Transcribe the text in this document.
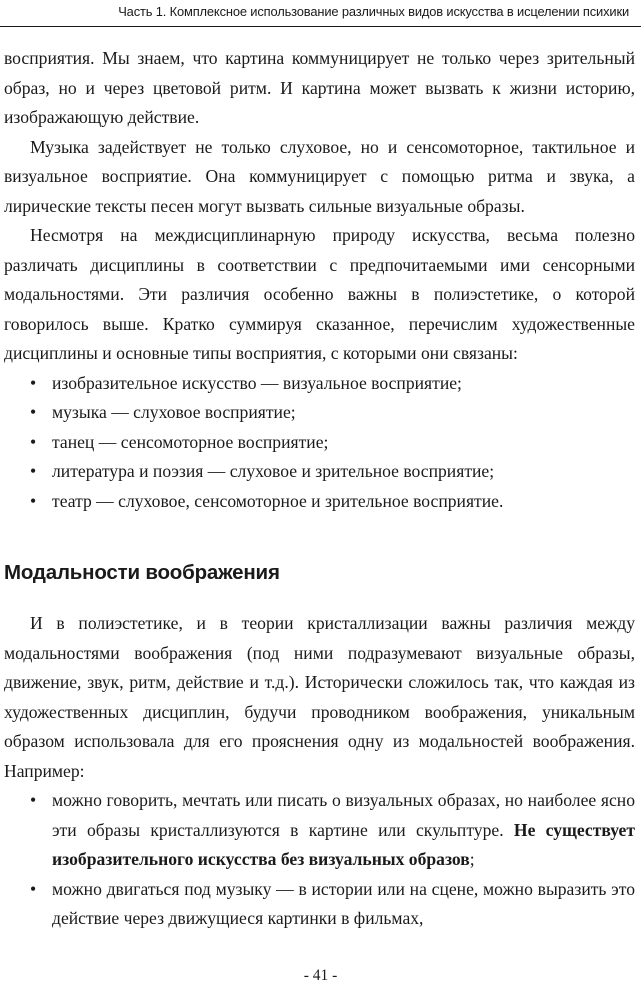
Часть 1. Комплексное использование различных видов искусства в исцелении психики

восприятия. Мы знаем, что картина коммуницирует не только через зрительный образ, но и через цветовой ритм. И картина может вызвать к жизни историю, изображающую действие.

Музыка задействует не только слуховое, но и сенсомоторное, тактильное и визуальное восприятие. Она коммуницирует с помощью ритма и звука, а лирические тексты песен могут вызвать сильные визуальные образы.

Несмотря на междисциплинарную природу искусства, весьма полезно различать дисциплины в соответствии с предпочитаемыми ими сенсорными модальностями. Эти различия особенно важны в полиэстетике, о которой говорилось выше. Кратко суммируя сказанное, перечислим художественные дисциплины и основные типы восприятия, с которыми они связаны:

• изобразительное искусство — визуальное восприятие;
• музыка — слуховое восприятие;
• танец — сенсомоторное восприятие;
• литература и поэзия — слуховое и зрительное восприятие;
• театр — слуховое, сенсомоторное и зрительное восприятие.
Модальности воображения

И в полиэстетике, и в теории кристаллизации важны различия между модальностями воображения (под ними подразумевают визуальные образы, движение, звук, ритм, действие и т.д.). Исторически сложилось так, что каждая из художественных дисциплин, будучи проводником воображения, уникальным образом использовала для его прояснения одну из модальностей воображения. Например:

• можно говорить, мечтать или писать о визуальных образах, но наиболее ясно эти образы кристаллизуются в картине или скульптуре. Не существует изобразительного искусства без визуальных образов;
• можно двигаться под музыку — в истории или на сцене, можно выразить это действие через движущиеся картинки в фильмах,
- 41 -
